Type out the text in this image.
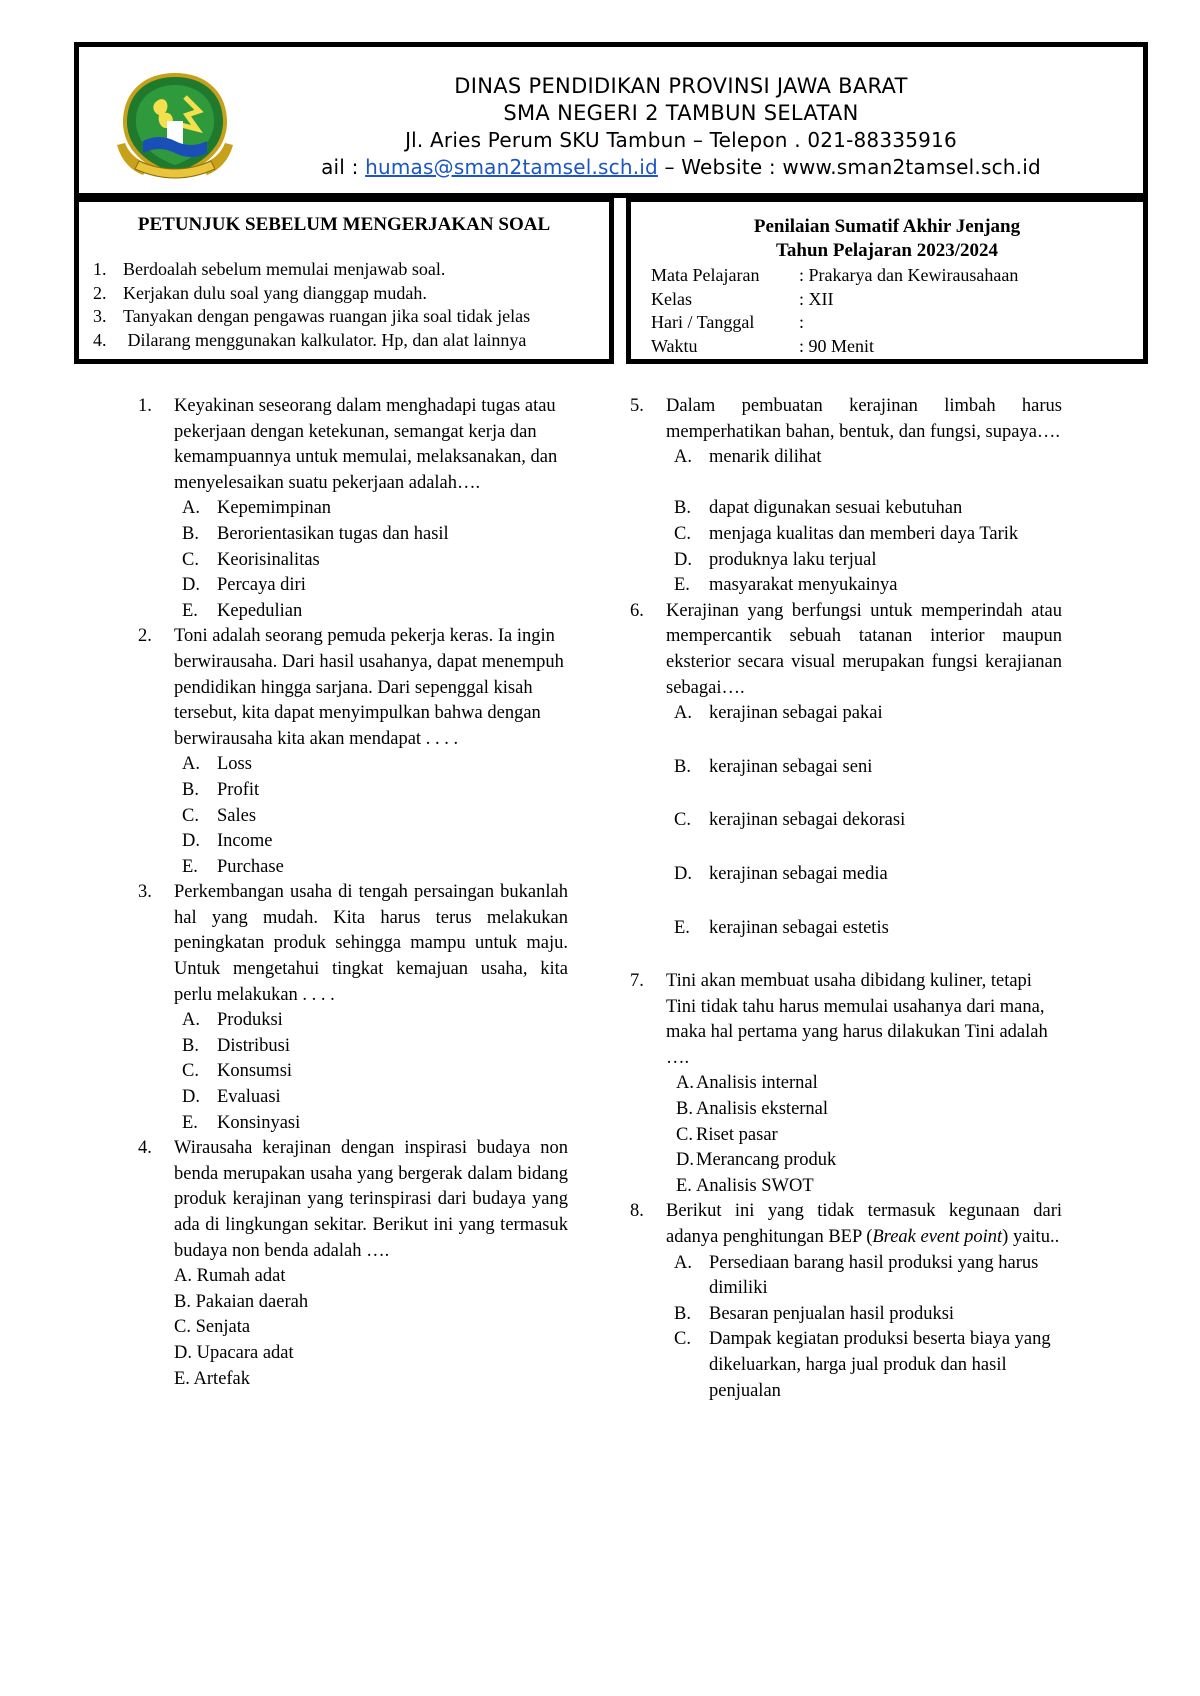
DINAS PENDIDIKAN PROVINSI JAWA BARAT
SMA NEGERI 2 TAMBUN SELATAN
Jl. Aries Perum SKU Tambun – Telepon . 021-88335916
ail : humas@sman2tamsel.sch.id – Website : www.sman2tamsel.sch.id
PETUNJUK SEBELUM MENGERJAKAN SOAL
1. Berdoalah sebelum memulai menjawab soal.
2. Kerjakan dulu soal yang dianggap mudah.
3. Tanyakan dengan pengawas ruangan jika soal tidak jelas
4. Dilarang menggunakan kalkulator. Hp, dan alat lainnya
Penilaian Sumatif Akhir Jenjang
Tahun Pelajaran 2023/2024
Mata Pelajaran : Prakarya dan Kewirausahaan
Kelas	: XII
Hari / Tanggal :
Waktu	: 90 Menit
1. Keyakinan seseorang dalam menghadapi tugas atau pekerjaan dengan ketekunan, semangat kerja dan kemampuannya untuk memulai, melaksanakan, dan menyelesaikan suatu pekerjaan adalah….
A. Kepemimpinan
B. Berorientasikan tugas dan hasil
C. Keorisinalitas
D. Percaya diri
E. Kepedulian
2. Toni adalah seorang pemuda pekerja keras. Ia ingin berwirausaha. Dari hasil usahanya, dapat menempuh pendidikan hingga sarjana. Dari sepenggal kisah tersebut, kita dapat menyimpulkan bahwa dengan berwirausaha kita akan mendapat . . . .
A. Loss
B. Profit
C. Sales
D. Income
E. Purchase
3. Perkembangan usaha di tengah persaingan bukanlah hal yang mudah. Kita harus terus melakukan peningkatan produk sehingga mampu untuk maju. Untuk mengetahui tingkat kemajuan usaha, kita perlu melakukan . . . .
A. Produksi
B. Distribusi
C. Konsumsi
D. Evaluasi
E. Konsinyasi
4. Wirausaha kerajinan dengan inspirasi budaya non benda merupakan usaha yang bergerak dalam bidang produk kerajinan yang terinspirasi dari budaya yang ada di lingkungan sekitar. Berikut ini yang termasuk budaya non benda adalah ….
A. Rumah adat
B. Pakaian daerah
C. Senjata
D. Upacara adat
E. Artefak
5. Dalam pembuatan kerajinan limbah harus memperhatikan bahan, bentuk, dan fungsi, supaya….
A. menarik dilihat
B. dapat digunakan sesuai kebutuhan
C. menjaga kualitas dan memberi daya Tarik
D. produknya laku terjual
E. masyarakat menyukainya
6. Kerajinan yang berfungsi untuk memperindah atau mempercantik sebuah tatanan interior maupun eksterior secara visual merupakan fungsi kerajianan sebagai….
A. kerajinan sebagai pakai
B. kerajinan sebagai seni
C. kerajinan sebagai dekorasi
D. kerajinan sebagai media
E. kerajinan sebagai estetis
7. Tini akan membuat usaha dibidang kuliner, tetapi Tini tidak tahu harus memulai usahanya dari mana, maka hal pertama yang harus dilakukan Tini adalah ….
A. Analisis internal
B. Analisis eksternal
C. Riset pasar
D. Merancang produk
E. Analisis SWOT
8. Berikut ini yang tidak termasuk kegunaan dari adanya penghitungan BEP (Break event point) yaitu..
A. Persediaan barang hasil produksi yang harus dimiliki
B. Besaran penjualan hasil produksi
C. Dampak kegiatan produksi beserta biaya yang dikeluarkan, harga jual produk dan hasil penjualan
